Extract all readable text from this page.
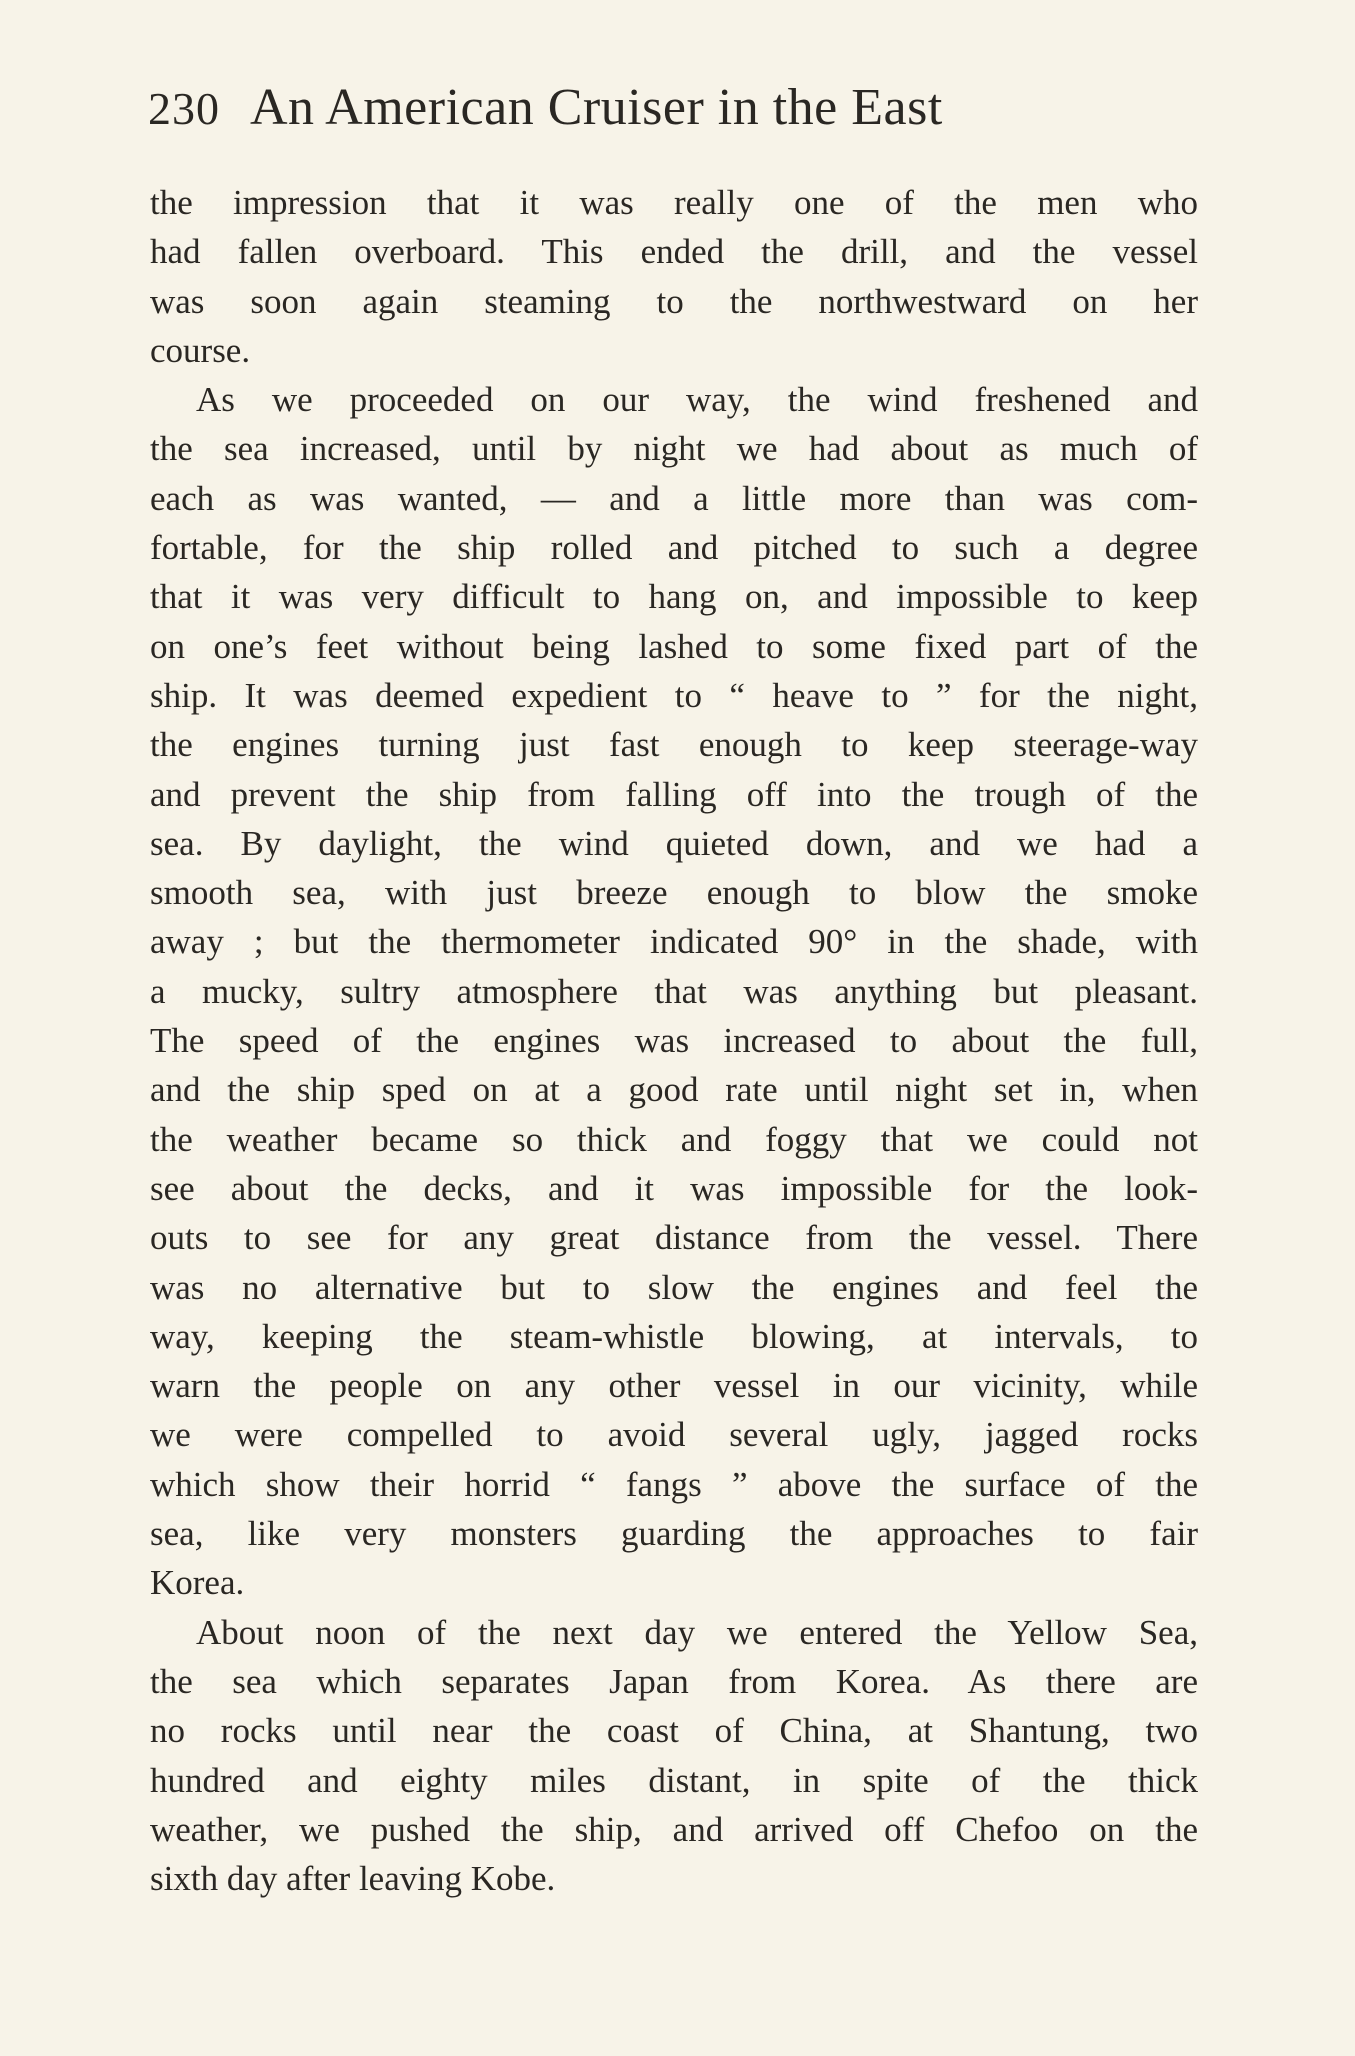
230 An American Cruiser in the East
the impression that it was really one of the men who
had fallen overboard. This ended the drill, and the vessel
was soon again steaming to the northwestward on her
course.
As we proceeded on our way, the wind freshened and
the sea increased, until by night we had about as much of
each as was wanted, — and a little more than was com-
fortable, for the ship rolled and pitched to such a degree
that it was very difficult to hang on, and impossible to keep
on one’s feet without being lashed to some fixed part of the
ship. It was deemed expedient to “ heave to ” for the night,
the engines turning just fast enough to keep steerage-way
and prevent the ship from falling off into the trough of the
sea. By daylight, the wind quieted down, and we had a
smooth sea, with just breeze enough to blow the smoke
away ; but the thermometer indicated 90° in the shade, with
a mucky, sultry atmosphere that was anything but pleasant.
The speed of the engines was increased to about the full,
and the ship sped on at a good rate until night set in, when
the weather became so thick and foggy that we could not
see about the decks, and it was impossible for the look-
outs to see for any great distance from the vessel. There
was no alternative but to slow the engines and feel the
way, keeping the steam-whistle blowing, at intervals, to
warn the people on any other vessel in our vicinity, while
we were compelled to avoid several ugly, jagged rocks
which show their horrid “ fangs ” above the surface of the
sea, like very monsters guarding the approaches to fair
Korea.
About noon of the next day we entered the Yellow Sea,
the sea which separates Japan from Korea. As there are
no rocks until near the coast of China, at Shantung, two
hundred and eighty miles distant, in spite of the thick
weather, we pushed the ship, and arrived off Chefoo on the
sixth day after leaving Kobe.
